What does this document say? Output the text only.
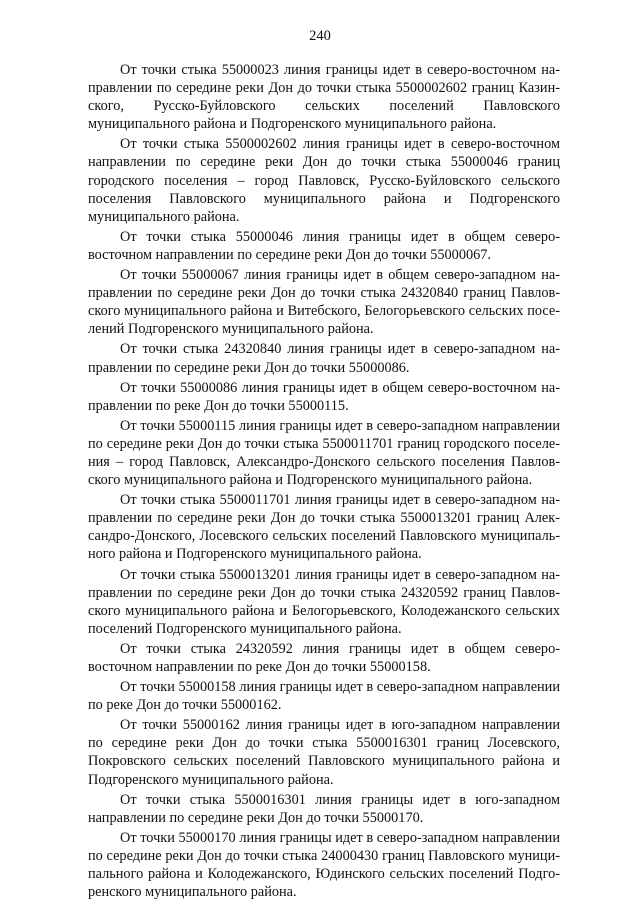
240

От точки стыка 55000023 линия границы идет в северо-восточном направлении по середине реки Дон до точки стыка 5500002602 границ Казинского, Русско-Буйловского сельских поселений Павловского муниципального района и Подгоренского муниципального района.

От точки стыка 5500002602 линия границы идет в северо-восточном направлении по середине реки Дон до точки стыка 55000046 границ городского поселения – город Павловск, Русско-Буйловского сельского поселения Павловского муниципального района и Подгоренского муниципального района.

От точки стыка 55000046 линия границы идет в общем северо-восточном направлении по середине реки Дон до точки 55000067.

От точки 55000067 линия границы идет в общем северо-западном направлении по середине реки Дон до точки стыка 24320840 границ Павловского муниципального района и Витебского, Белогорьевского сельских поселений Подгоренского муниципального района.

От точки стыка 24320840 линия границы идет в северо-западном направлении по середине реки Дон до точки 55000086.

От точки 55000086 линия границы идет в общем северо-восточном направлении по реке Дон до точки 55000115.

От точки 55000115 линия границы идет в северо-западном направлении по середине реки Дон до точки стыка 5500011701 границ городского поселения – город Павловск, Александро-Донского сельского поселения Павловского муниципального района и Подгоренского муниципального района.

От точки стыка 5500011701 линия границы идет в северо-западном направлении по середине реки Дон до точки стыка 5500013201 границ Александро-Донского, Лосевского сельских поселений Павловского муниципального района и Подгоренского муниципального района.

От точки стыка 5500013201 линия границы идет в северо-западном направлении по середине реки Дон до точки стыка 24320592 границ Павловского муниципального района и Белогорьевского, Колодежанского сельских поселений Подгоренского муниципального района.

От точки стыка 24320592 линия границы идет в общем северовосточном направлении по реке Дон до точки 55000158.

От точки 55000158 линия границы идет в северо-западном направлении по реке Дон до точки 55000162.

От точки 55000162 линия границы идет в юго-западном направлении по середине реки Дон до точки стыка 5500016301 границ Лосевского, Покровского сельских поселений Павловского муниципального района и Подгоренского муниципального района.

От точки стыка 5500016301 линия границы идет в юго-западном направлении по середине реки Дон до точки 55000170.

От точки 55000170 линия границы идет в северо-западном направлении по середине реки Дон до точки стыка 24000430 границ Павловского муниципального района и Колодежанского, Юдинского сельских поселений Подгоренского муниципального района.
